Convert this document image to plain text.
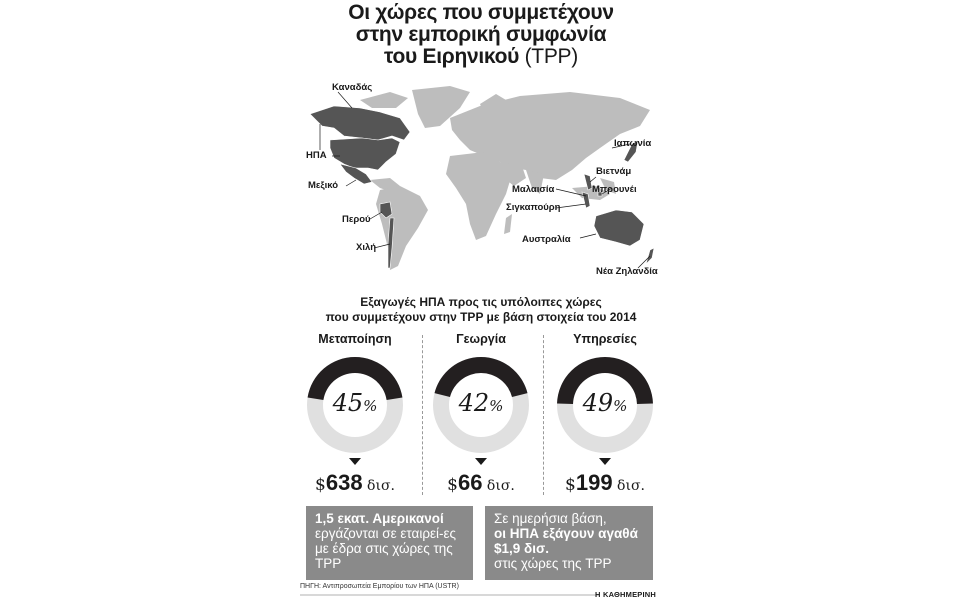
Οι χώρες που συμμετέχουν
στην εμπορική συμφωνία
του Ειρηνικού (TPP)
Καναδάς
ΗΠΑ
Μεξικό
Περού
Χιλή
Ιαπωνία
Βιετνάμ
Μαλαισία	Μπρουνέι
Σιγκαπούρη
Αυστραλία
Νέα Ζηλανδία
Εξαγωγές ΗΠΑ προς τις υπόλοιπες χώρες
που συμμετέχουν στην TPP με βάση στοιχεία του 2014
Μεταποίηση
45%
$638 δισ.
Γεωργία
42%
$66 δισ.
Υπηρεσίες
49%
$199 δισ.
1,5 εκατ. Αμερικανοί
εργάζονται σε εταιρεί-ες με έδρα στις χώρες της TPP
Σε ημερήσια βάση,
οι ΗΠΑ εξάγουν αγαθά $1,9 δισ.
στις χώρες της TPP
ΠΗΓΗ: Αντιπροσωπεία Εμπορίου των ΗΠΑ (USTR)
Η ΚΑΘΗΜΕΡΙΝΗ
